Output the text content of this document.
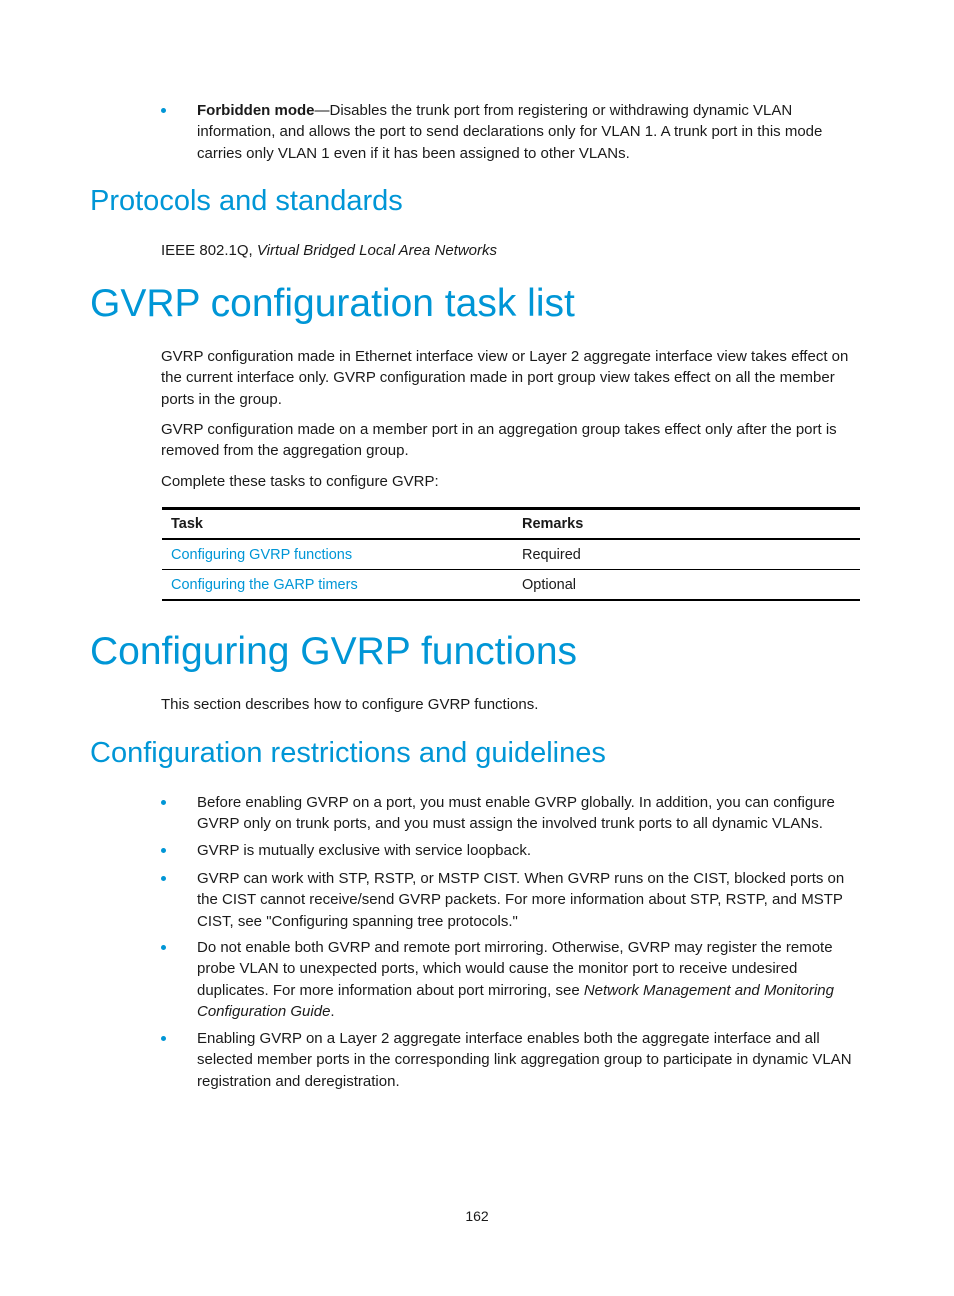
Forbidden mode—Disables the trunk port from registering or withdrawing dynamic VLAN information, and allows the port to send declarations only for VLAN 1. A trunk port in this mode carries only VLAN 1 even if it has been assigned to other VLANs.
Protocols and standards

IEEE 802.1Q, Virtual Bridged Local Area Networks

GVRP configuration task list

GVRP configuration made in Ethernet interface view or Layer 2 aggregate interface view takes effect on the current interface only. GVRP configuration made in port group view takes effect on all the member ports in the group.

GVRP configuration made on a member port in an aggregation group takes effect only after the port is removed from the aggregation group.

Complete these tasks to configure GVRP:

Task	Remarks
Configuring GVRP functions	Required
Configuring the GARP timers	Optional
Configuring GVRP functions

This section describes how to configure GVRP functions.

Configuration restrictions and guidelines
Before enabling GVRP on a port, you must enable GVRP globally. In addition, you can configure GVRP only on trunk ports, and you must assign the involved trunk ports to all dynamic VLANs.
GVRP is mutually exclusive with service loopback.
GVRP can work with STP, RSTP, or MSTP CIST. When GVRP runs on the CIST, blocked ports on the CIST cannot receive/send GVRP packets. For more information about STP, RSTP, and MSTP CIST, see "Configuring spanning tree protocols."
Do not enable both GVRP and remote port mirroring. Otherwise, GVRP may register the remote probe VLAN to unexpected ports, which would cause the monitor port to receive undesired duplicates. For more information about port mirroring, see Network Management and Monitoring Configuration Guide.
Enabling GVRP on a Layer 2 aggregate interface enables both the aggregate interface and all selected member ports in the corresponding link aggregation group to participate in dynamic VLAN registration and deregistration.
162
